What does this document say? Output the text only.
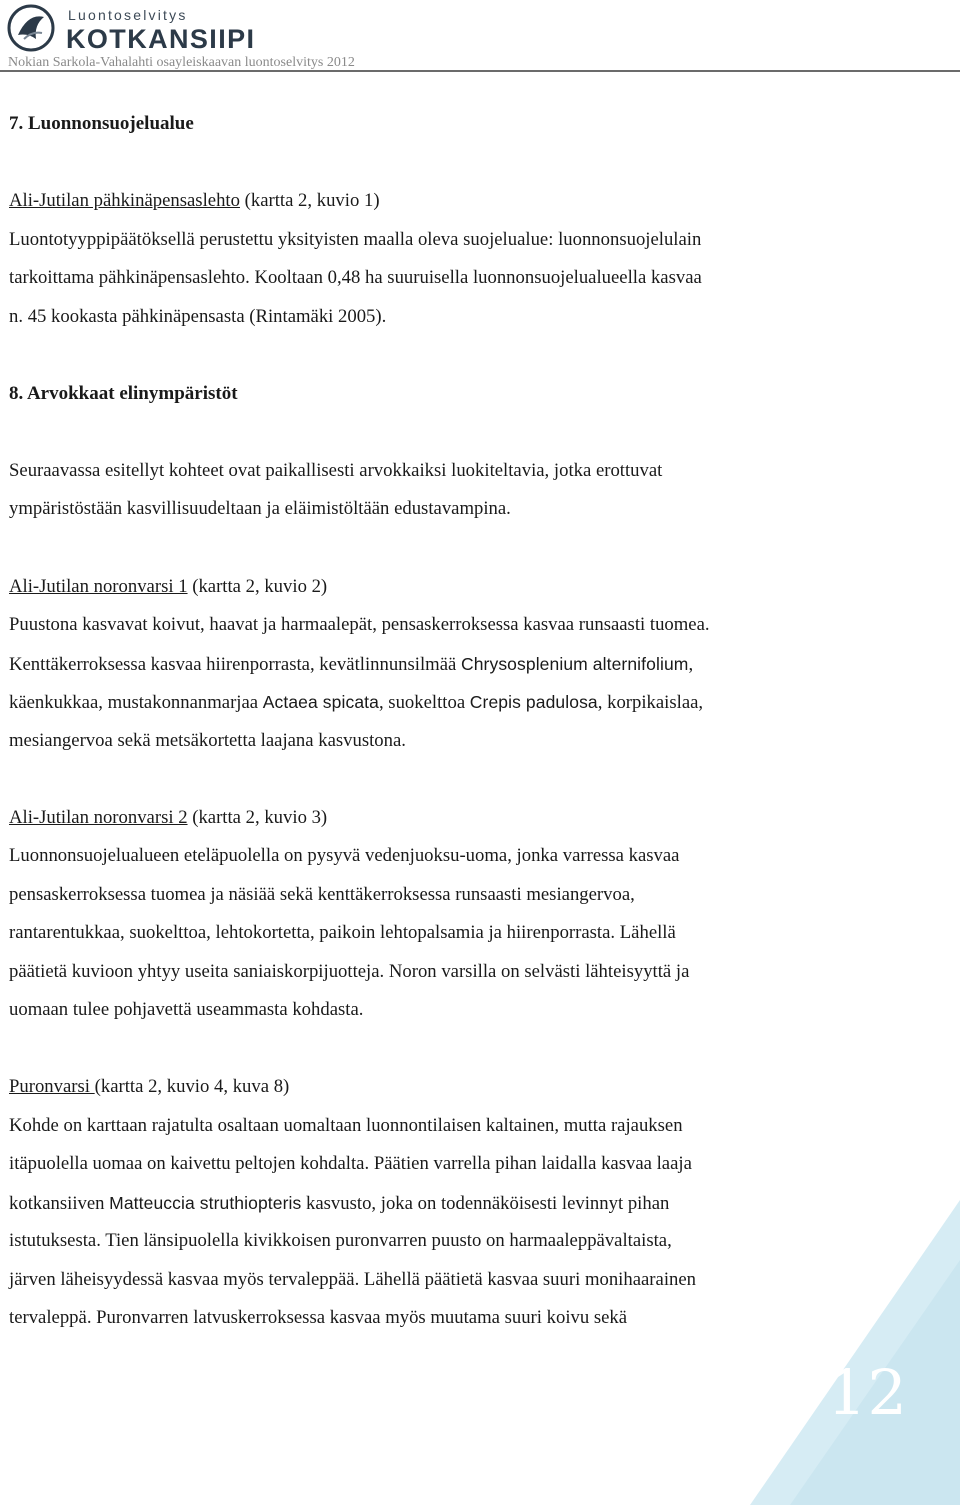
12
Luontoselvitys
KOTKANSIIPI
Nokian Sarkola-Vahalahti osayleiskaavan luontoselvitys 2012
7. Luonnonsuojelualue
Ali-Jutilan pähkinäpensaslehto (kartta 2, kuvio 1)
Luontotyyppipäätöksellä perustettu yksityisten maalla oleva suojelualue: luonnonsuojelulain
tarkoittama pähkinäpensaslehto. Kooltaan 0,48 ha suuruisella luonnonsuojelualueella kasvaa
n. 45 kookasta pähkinäpensasta (Rintamäki 2005).
8. Arvokkaat elinympäristöt
Seuraavassa esitellyt kohteet ovat paikallisesti arvokkaiksi luokiteltavia, jotka erottuvat
ympäristöstään kasvillisuudeltaan ja eläimistöltään edustavampina.
Ali-Jutilan noronvarsi 1 (kartta 2, kuvio 2)
Puustona kasvavat koivut, haavat ja harmaalepät, pensaskerroksessa kasvaa runsaasti tuomea.
Kenttäkerroksessa kasvaa hiirenporrasta, kevätlinnunsilmää Chrysosplenium alternifolium,
käenkukkaa, mustakonnanmarjaa Actaea spicata, suokelttoa Crepis padulosa, korpikaislaa,
mesiangervoa sekä metsäkortetta laajana kasvustona.
Ali-Jutilan noronvarsi 2 (kartta 2, kuvio 3)
Luonnonsuojelualueen eteläpuolella on pysyvä vedenjuoksu-uoma, jonka varressa kasvaa
pensaskerroksessa tuomea ja näsiää sekä kenttäkerroksessa runsaasti mesiangervoa,
rantarentukkaa, suokelttoa, lehtokortetta, paikoin lehtopalsamia ja hiirenporrasta. Lähellä
päätietä kuvioon yhtyy useita saniaiskorpijuotteja. Noron varsilla on selvästi lähteisyyttä ja
uomaan tulee pohjavettä useammasta kohdasta.
Puronvarsi (kartta 2, kuvio 4, kuva 8)
Kohde on karttaan rajatulta osaltaan uomaltaan luonnontilaisen kaltainen, mutta rajauksen
itäpuolella uomaa on kaivettu peltojen kohdalta. Päätien varrella pihan laidalla kasvaa laaja
kotkansiiven Matteuccia struthiopteris kasvusto, joka on todennäköisesti levinnyt pihan
istutuksesta. Tien länsipuolella kivikkoisen puronvarren puusto on harmaaleppävaltaista,
järven läheisyydessä kasvaa myös tervaleppää. Lähellä päätietä kasvaa suuri monihaarainen
tervaleppä. Puronvarren latvuskerroksessa kasvaa myös muutama suuri koivu sekä
